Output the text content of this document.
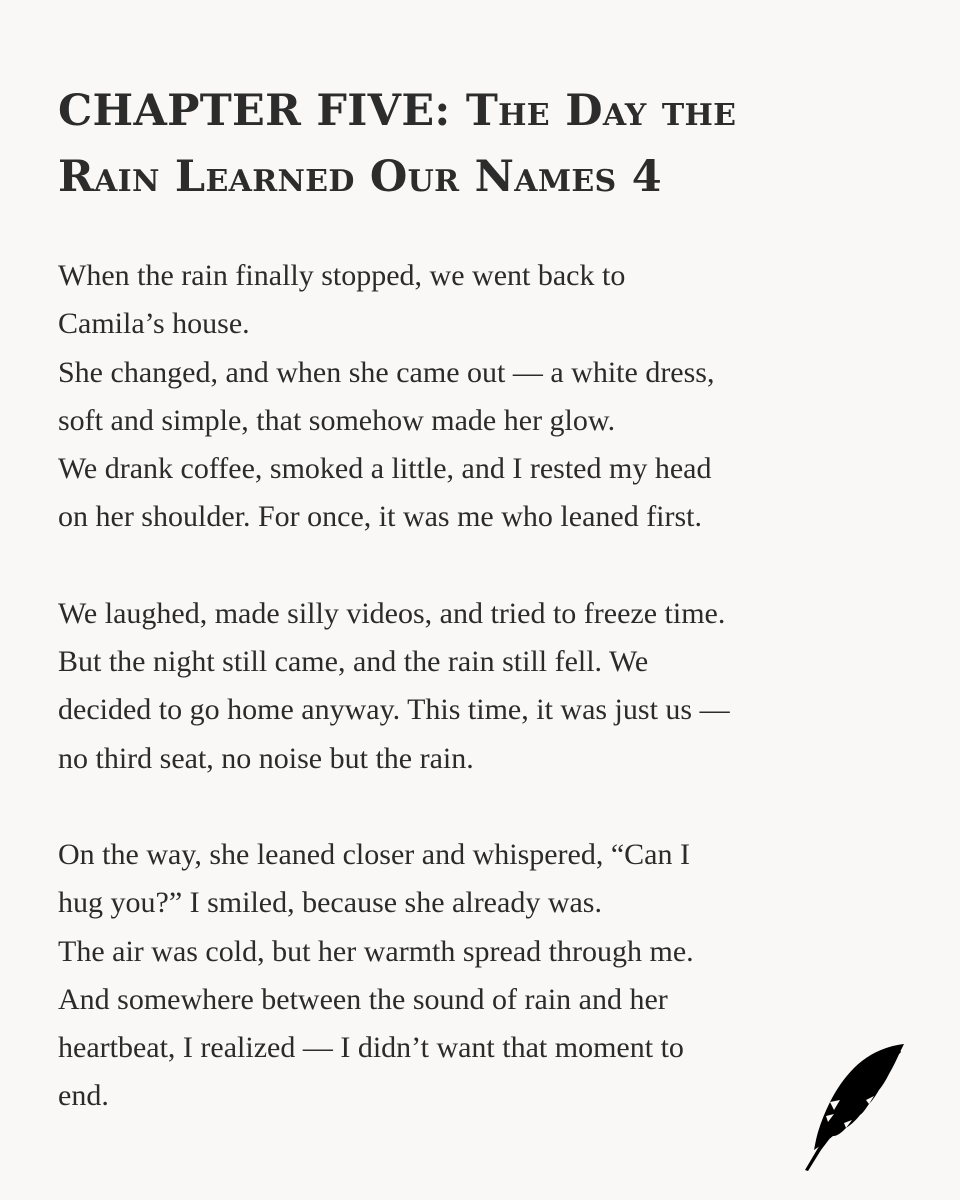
CHAPTER FIVE: The Day the
Rain Learned Our Names 4

When the rain finally stopped, we went back to
Camila’s house.
She changed, and when she came out — a white dress,
soft and simple, that somehow made her glow.
We drank coffee, smoked a little, and I rested my head
on her shoulder. For once, it was me who leaned first.

We laughed, made silly videos, and tried to freeze time.
But the night still came, and the rain still fell. We
decided to go home anyway. This time, it was just us —
no third seat, no noise but the rain.

On the way, she leaned closer and whispered, “Can I
hug you?” I smiled, because she already was.
The air was cold, but her warmth spread through me.
And somewhere between the sound of rain and her
heartbeat, I realized — I didn’t want that moment to
end.
